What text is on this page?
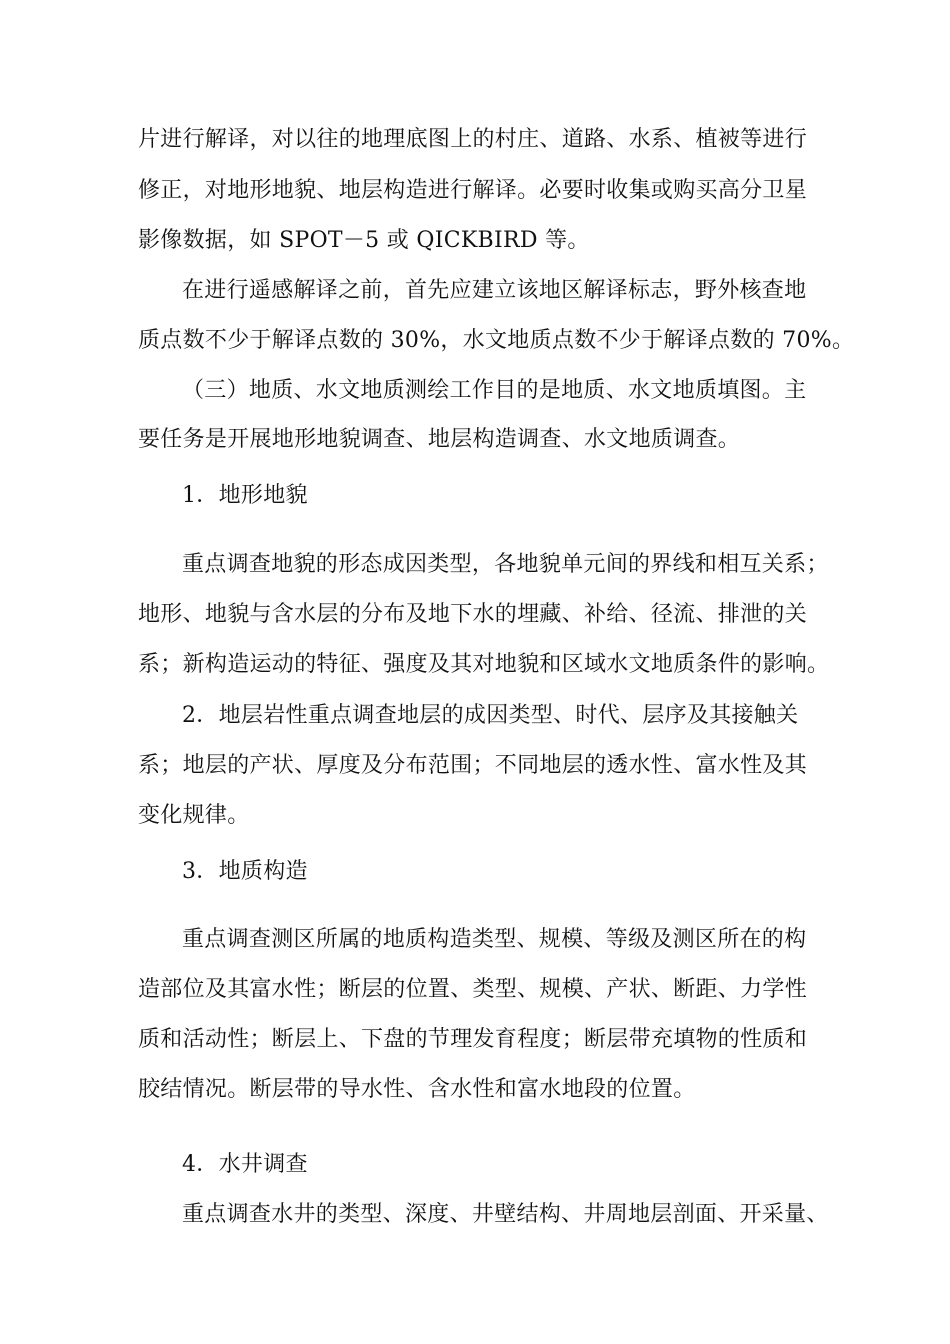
片进行解译，对以往的地理底图上的村庄、道路、水系、植被等进行
修正，对地形地貌、地层构造进行解译。必要时收集或购买高分卫星
影像数据，如 SPOT－5 或 QICKBIRD 等。
在进行遥感解译之前，首先应建立该地区解译标志，野外核查地
质点数不少于解译点数的 30%，水文地质点数不少于解译点数的 70%。
（三）地质、水文地质测绘工作目的是地质、水文地质填图。主
要任务是开展地形地貌调查、地层构造调查、水文地质调查。
1．地形地貌
重点调查地貌的形态成因类型，各地貌单元间的界线和相互关系；
地形、地貌与含水层的分布及地下水的埋藏、补给、径流、排泄的关
系；新构造运动的特征、强度及其对地貌和区域水文地质条件的影响。
2．地层岩性重点调查地层的成因类型、时代、层序及其接触关
系；地层的产状、厚度及分布范围；不同地层的透水性、富水性及其
变化规律。
3．地质构造
重点调查测区所属的地质构造类型、规模、等级及测区所在的构
造部位及其富水性；断层的位置、类型、规模、产状、断距、力学性
质和活动性；断层上、下盘的节理发育程度；断层带充填物的性质和
胶结情况。断层带的导水性、含水性和富水地段的位置。
4．水井调查
重点调查水井的类型、深度、井壁结构、井周地层剖面、开采量、
